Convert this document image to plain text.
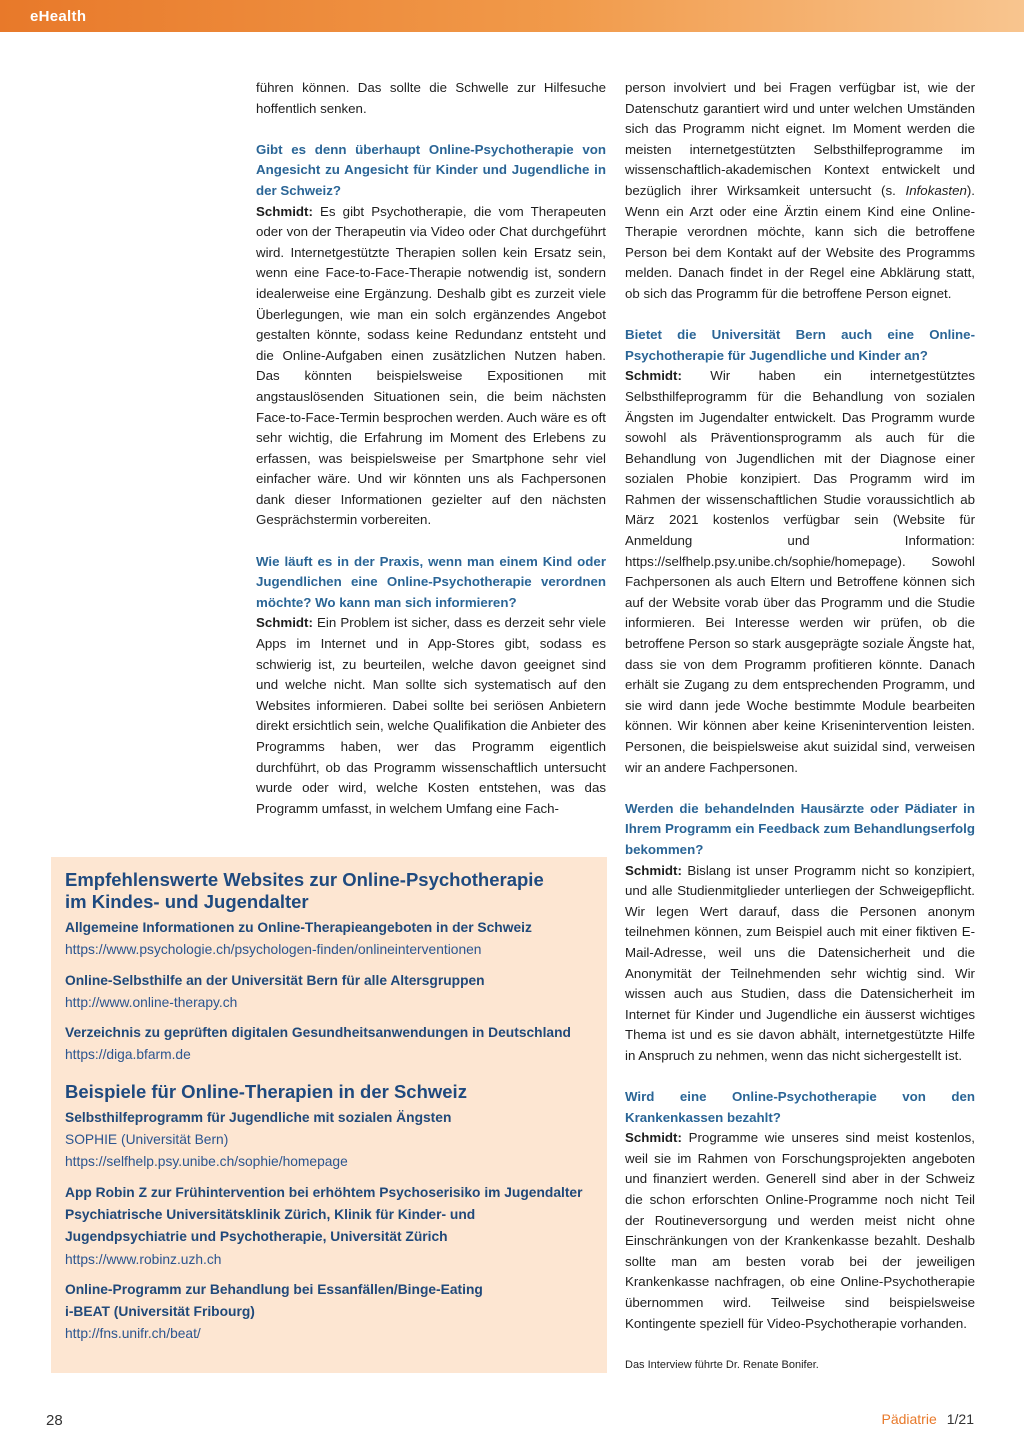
eHealth

führen können. Das sollte die Schwelle zur Hilfesuche hoffentlich senken.

Gibt es denn überhaupt Online-Psychotherapie von Angesicht zu Angesicht für Kinder und Jugendliche in der Schweiz?

Schmidt: Es gibt Psychotherapie, die vom Therapeuten oder von der Therapeutin via Video oder Chat durchgeführt wird. Internetgestützte Therapien sollen kein Ersatz sein, wenn eine Face-to-Face-Therapie notwendig ist, sondern idealerweise eine Ergänzung. Deshalb gibt es zurzeit viele Überlegungen, wie man ein solch ergänzendes Angebot gestalten könnte, sodass keine Redundanz entsteht und die Online-Aufgaben einen zusätzlichen Nutzen haben. Das könnten beispielsweise Expositionen mit angstauslösenden Situationen sein, die beim nächsten Face-to-Face-Termin besprochen werden. Auch wäre es oft sehr wichtig, die Erfahrung im Moment des Erlebens zu erfassen, was beispielsweise per Smartphone sehr viel einfacher wäre. Und wir könnten uns als Fachpersonen dank dieser Informationen gezielter auf den nächsten Gesprächstermin vorbereiten.

Wie läuft es in der Praxis, wenn man einem Kind oder Jugendlichen eine Online-Psychotherapie verordnen möchte? Wo kann man sich informieren?

Schmidt: Ein Problem ist sicher, dass es derzeit sehr viele Apps im Internet und in App-Stores gibt, sodass es schwierig ist, zu beurteilen, welche davon geeignet sind und welche nicht. Man sollte sich systematisch auf den Websites informieren. Dabei sollte bei seriösen Anbietern direkt ersichtlich sein, welche Qualifikation die Anbieter des Programms haben, wer das Programm eigentlich durchführt, ob das Programm wissenschaftlich untersucht wurde oder wird, welche Kosten entstehen, was das Programm umfasst, in welchem Umfang eine Fach-

person involviert und bei Fragen verfügbar ist, wie der Datenschutz garantiert wird und unter welchen Umständen sich das Programm nicht eignet. Im Moment werden die meisten internetgestützten Selbsthilfeprogramme im wissenschaftlich-akademischen Kontext entwickelt und bezüglich ihrer Wirksamkeit untersucht (s. Infokasten). Wenn ein Arzt oder eine Ärztin einem Kind eine Online-Therapie verordnen möchte, kann sich die betroffene Person bei dem Kontakt auf der Website des Programms melden. Danach findet in der Regel eine Abklärung statt, ob sich das Programm für die betroffene Person eignet.

Bietet die Universität Bern auch eine Online-Psychotherapie für Jugendliche und Kinder an?

Schmidt: Wir haben ein internetgestütztes Selbsthilfeprogramm für die Behandlung von sozialen Ängsten im Jugendalter entwickelt. Das Programm wurde sowohl als Präventionsprogramm als auch für die Behandlung von Jugendlichen mit der Diagnose einer sozialen Phobie konzipiert. Das Programm wird im Rahmen der wissenschaftlichen Studie voraussichtlich ab März 2021 kostenlos verfügbar sein (Website für Anmeldung und Information: https://selfhelp.psy.unibe.ch/sophie/homepage). Sowohl Fachpersonen als auch Eltern und Betroffene können sich auf der Website vorab über das Programm und die Studie informieren. Bei Interesse werden wir prüfen, ob die betroffene Person so stark ausgeprägte soziale Ängste hat, dass sie von dem Programm profitieren könnte. Danach erhält sie Zugang zu dem entsprechenden Programm, und sie wird dann jede Woche bestimmte Module bearbeiten können. Wir können aber keine Krisenintervention leisten. Personen, die beispielsweise akut suizidal sind, verweisen wir an andere Fachpersonen.

Werden die behandelnden Hausärzte oder Pädiater in Ihrem Programm ein Feedback zum Behandlungserfolg bekommen?

Schmidt: Bislang ist unser Programm nicht so konzipiert, und alle Studienmitglieder unterliegen der Schweigepflicht. Wir legen Wert darauf, dass die Personen anonym teilnehmen können, zum Beispiel auch mit einer fiktiven E-Mail-Adresse, weil uns die Datensicherheit und die Anonymität der Teilnehmenden sehr wichtig sind. Wir wissen auch aus Studien, dass die Datensicherheit im Internet für Kinder und Jugendliche ein äusserst wichtiges Thema ist und es sie davon abhält, internetgestützte Hilfe in Anspruch zu nehmen, wenn das nicht sichergestellt ist.

Wird eine Online-Psychotherapie von den Krankenkassen bezahlt?

Schmidt: Programme wie unseres sind meist kostenlos, weil sie im Rahmen von Forschungsprojekten angeboten und finanziert werden. Generell sind aber in der Schweiz die schon erforschten Online-Programme noch nicht Teil der Routineversorgung und werden meist nicht ohne Einschränkungen von der Krankenkasse bezahlt. Deshalb sollte man am besten vorab bei der jeweiligen Krankenkasse nachfragen, ob eine Online-Psychotherapie übernommen wird. Teilweise sind beispielsweise Kontingente speziell für Video-Psychotherapie vorhanden.

Das Interview führte Dr. Renate Bonifer.
Empfehlenswerte Websites zur Online-Psychotherapie
im Kindes- und Jugendalter
Allgemeine Informationen zu Online-Therapieangeboten in der Schweiz
https://www.psychologie.ch/psychologen-finden/onlineinterventionen
Online-Selbsthilfe an der Universität Bern für alle Altersgruppen
http://www.online-therapy.ch
Verzeichnis zu geprüften digitalen Gesundheitsanwendungen in Deutschland
https://diga.bfarm.de
Beispiele für Online-Therapien in der Schweiz
Selbsthilfeprogramm für Jugendliche mit sozialen Ängsten
SOPHIE (Universität Bern)
https://selfhelp.psy.unibe.ch/sophie/homepage
App Robin Z zur Frühintervention bei erhöhtem Psychoserisiko im Jugendalter
Psychiatrische Universitätsklinik Zürich, Klinik für Kinder- und
Jugendpsychiatrie und Psychotherapie, Universität Zürich
https://www.robinz.uzh.ch
Online-Programm zur Behandlung bei Essanfällen/Binge-Eating
i-BEAT (Universität Fribourg)
http://fns.unifr.ch/beat/
28	Pädiatrie 1/21
